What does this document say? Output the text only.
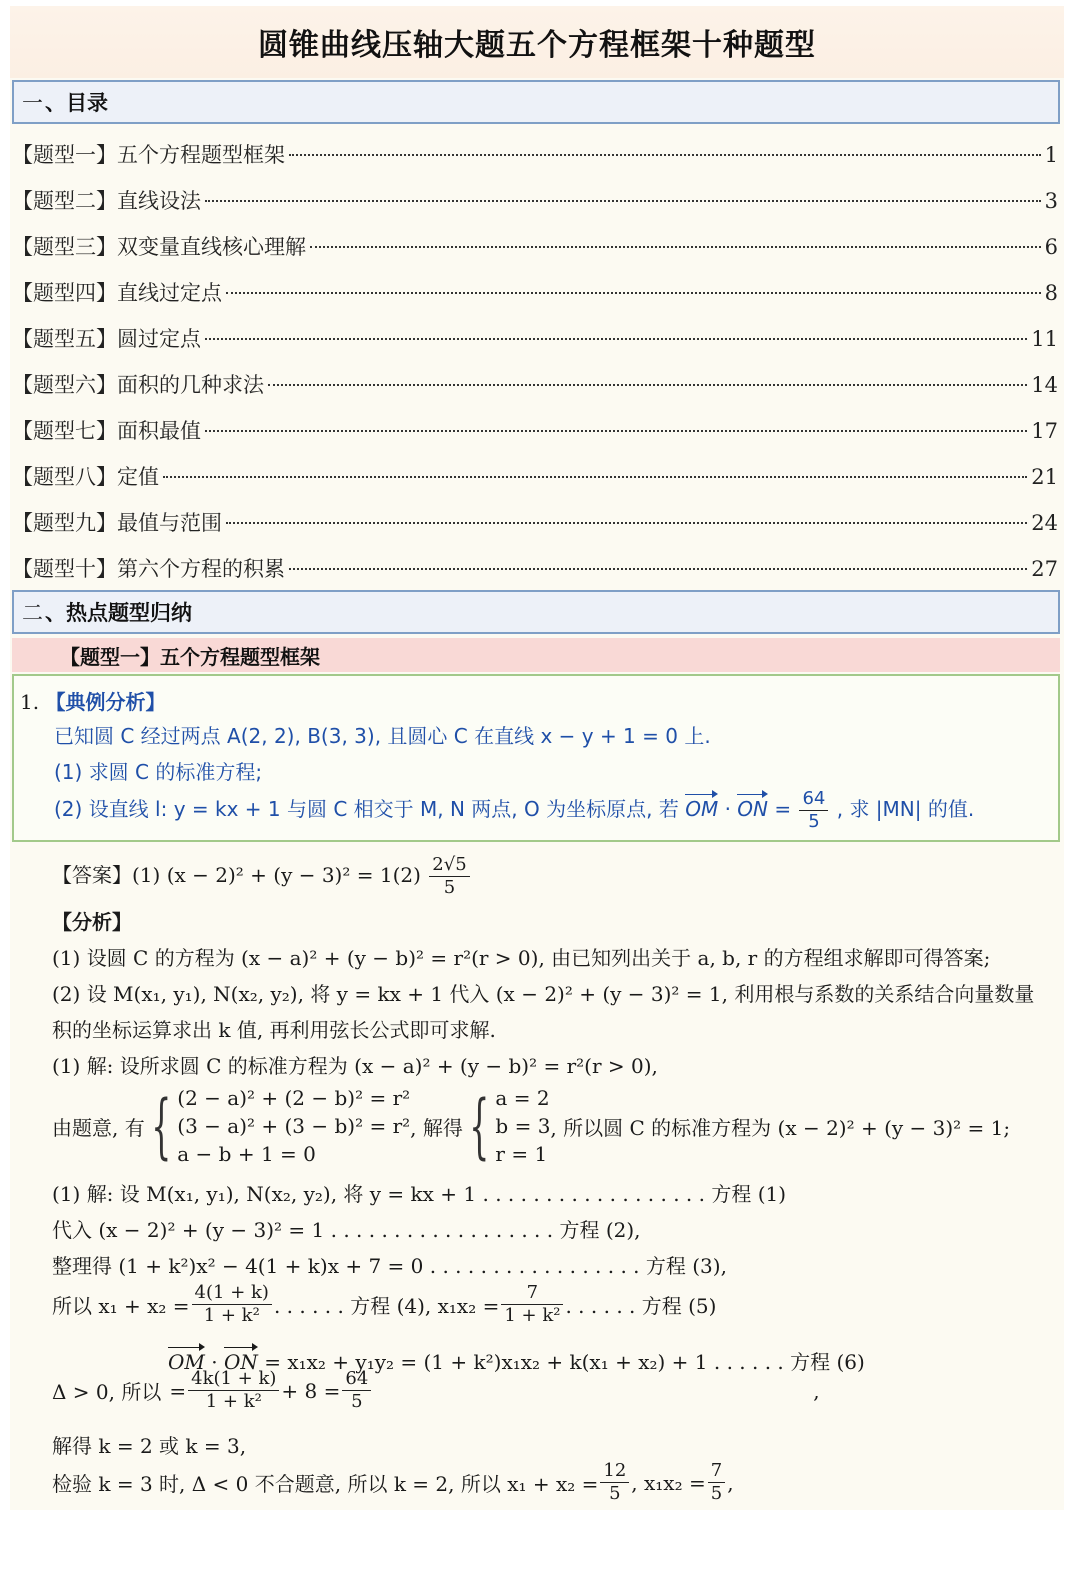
圆锥曲线压轴大题五个方程框架十种题型
一 、目录
【题型一】五个方程题型框架	1
【题型二】直线设法	3
【题型三】双变量直线核心理解	6
【题型四】直线过定点	8
【题型五】圆过定点	11
【题型六】面积的几种求法	14
【题型七】面积最值	17
【题型八】定值	21
【题型九】最值与范围	24
【题型十】第六个方程的积累	27
二 、热点题型归纳
【题型一】五个方程题型框架
1. 【典例分析】
已知圆 C 经过两点 A(2, 2), B(3, 3), 且圆心 C 在直线 x − y + 1 = 0 上.
(1) 求圆 C 的标准方程;
(2) 设直线 l: y = kx + 1 与圆 C 相交于 M, N 两点, O 为坐标原点, 若 OM · ON = $\frac{64}{5}$ , 求 |MN| 的值.
【答案】(1) $(x - 2)^2 + (y - 3)^2 = 1(2) \frac{2√5}{5}$
【分析】
(1) 设圆 C 的方程为 (x − a)² + (y − b)² = r²(r > 0), 由已知列出关于 a, b, r 的方程组求解即可得答案;
(2) 设 M(x₁, y₁), N(x₂, y₂), 将 y = kx + 1 代入 (x − 2)² + (y − 3)² = 1, 利用根与系数的关系结合向量数量
积的坐标运算求出 k 值, 再利用弦长公式即可求解.
(1) 解: 设所求圆 C 的标准方程为 (x − a)² + (y − b)² = r²(r > 0),
由题意, 有 { (2 − a)² + (2 − b)² = r²
(3 − a)² + (3 − b)² = r²
a − b + 1 = 0
, 解得 { a = 2
b = 3
r = 1
, 所以圆 C 的标准方程为 (x − 2)² + (y − 3)² = 1;
(1) 解: 设 M(x₁, y₁), N(x₂, y₂), 将 y = kx + 1 . . . . . . . . . . . . . . . . . . 方程 (1)
代入 (x − 2)² + (y − 3)² = 1 . . . . . . . . . . . . . . . . . . 方程 (2),
整理得 (1 + k²)x² − 4(1 + k)x + 7 = 0 . . . . . . . . . . . . . . . . . 方程 (3),
所以 $x_1 + x_2 = \frac{4(1 + k)}{\text{1 + k²}}$ . . . . . . 方程 (4), $x_1x_2 = \frac{7}{\text{1 + k²}}$ . . . . . . 方程 (5)
OM · ON = x₁x₂ + y₁y₂ = (1 + k²)x₁x₂ + k(x₁ + x₂) + 1 . . . . . . 方程 (6)
Δ > 0, 所以 = $\frac{4k(1 + k)}{\text{1 + k²}} + 8 = \frac{64}{5}$	,
解得 k = 2 或 k = 3,
检验 k = 3 时, Δ < 0 不合题意, 所以 k = 2, 所以 $x_1 + x_2 = \frac{12}{5}$ , $x_1x_2 = \frac{7}{5}$ ,
